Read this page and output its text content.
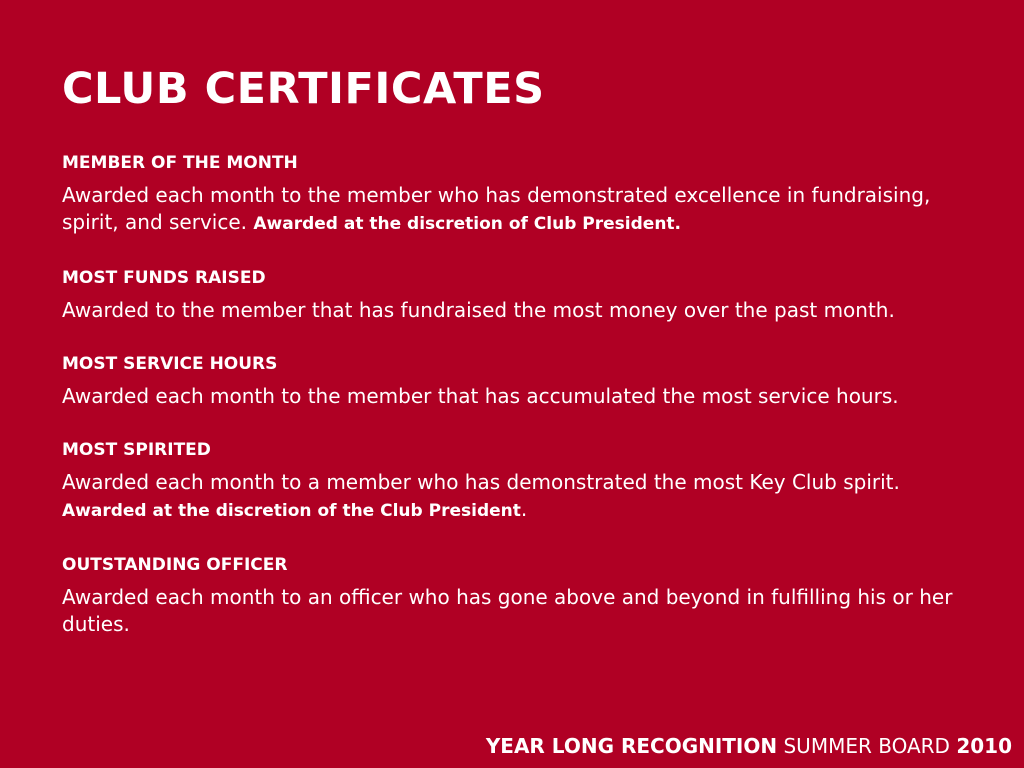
CLUB CERTIFICATES
MEMBER OF THE MONTH

Awarded each month to the member who has demonstrated excellence in fundraising, spirit, and service. Awarded at the discretion of Club President.

MOST FUNDS RAISED

Awarded to the member that has fundraised the most money over the past month.

MOST SERVICE HOURS

Awarded each month to the member that has accumulated the most service hours.

MOST SPIRITED

Awarded each month to a member who has demonstrated the most Key Club spirit. Awarded at the discretion of the Club President.

OUTSTANDING OFFICER

Awarded each month to an officer who has gone above and beyond in fulfilling his or her duties.

YEAR LONG RECOGNITION SUMMER BOARD 2010
